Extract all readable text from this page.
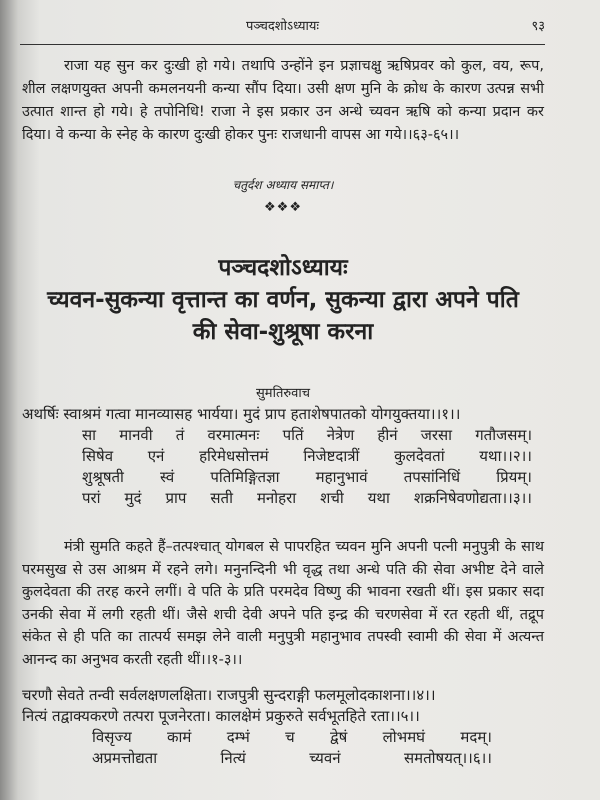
पञ्चदशोऽध्यायः	९३

राजा यह सुन कर दुःखी हो गये। तथापि उन्होंने इन प्रज्ञाचक्षु ऋषिप्रवर को कुल, वय, रूप, शील लक्षणयुक्त अपनी कमलनयनी कन्या सौंप दिया। उसी क्षण मुनि के क्रोध के कारण उत्पन्न सभी उत्पात शान्त हो गये। हे तपोनिधि! राजा ने इस प्रकार उन अन्धे च्यवन ऋषि को कन्या प्रदान कर दिया। वे कन्या के स्नेह के कारण दुःखी होकर पुनः राजधानी वापस आ गये।।६३-६५।।

चतुर्दश अध्याय समाप्त।
❖❖❖
पञ्चदशोऽध्यायः
च्यवन-सुकन्या वृत्तान्त का वर्णन, सुकन्या द्वारा अपने पति
की सेवा-शुश्रूषा करना
सुमतिरुवाच
अथर्षिः स्वाश्रमं गत्वा मानव्यासह भार्यया। मुदं प्राप हताशेषपातको योगयुक्तया।।१।।
सा मानवी तं वरमात्मनः पतिं नेत्रेण हीनं जरसा गतौजसम्।
सिषेव एनं हरिमेधसोत्तमं निजेष्टदात्रीं कुलदेवतां यथा।।२।।
शुश्रूषती स्वं पतिमिङ्गितज्ञा महानुभावं तपसांनिधिं प्रियम्।
परां मुदं प्राप सती मनोहरा शची यथा शक्रनिषेवणोद्यता।।३।।

मंत्री सुमति कहते हैं–तत्पश्चात् योगबल से पापरहित च्यवन मुनि अपनी पत्नी मनुपुत्री के साथ परमसुख से उस आश्रम में रहने लगे। मनुनन्दिनी भी वृद्ध तथा अन्धे पति की सेवा अभीष्ट देने वाले कुलदेवता की तरह करने लगीं। वे पति के प्रति परमदेव विष्णु की भावना रखती थीं। इस प्रकार सदा उनकी सेवा में लगी रहती थीं। जैसे शची देवी अपने पति इन्द्र की चरणसेवा में रत रहती थीं, तद्रूप संकेत से ही पति का तात्पर्य समझ लेने वाली मनुपुत्री महानुभाव तपस्वी स्वामी की सेवा में अत्यन्त आनन्द का अनुभव करती रहती थीं।।१-३।।

चरणौ सेवते तन्वी सर्वलक्षणलक्षिता। राजपुत्री सुन्दराङ्गी फलमूलोदकाशना।।४।।
नित्यं तद्वाक्यकरणे तत्परा पूजनेरता। कालक्षेमं प्रकुरुते सर्वभूतहिते रता।।५।।
विसृज्य कामं दम्भं च द्वेषं लोभमघं मदम्।
अप्रमत्तोद्यता नित्यं च्यवनं समतोषयत्।।६।।
